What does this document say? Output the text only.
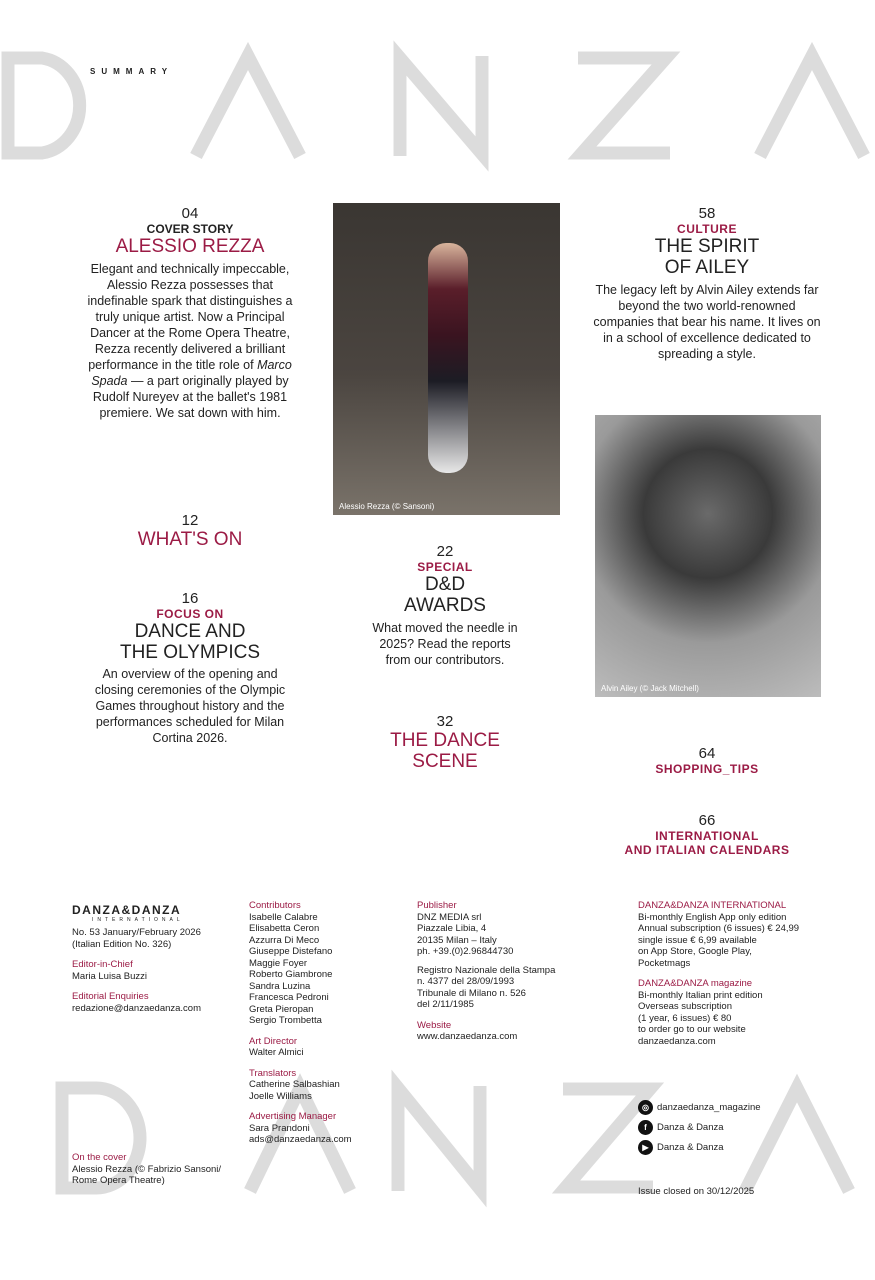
SUMMARY
04
COVER STORY
ALESSIO REZZA
Elegant and technically impeccable, Alessio Rezza possesses that indefinable spark that distinguishes a truly unique artist. Now a Principal Dancer at the Rome Opera Theatre, Rezza recently delivered a brilliant performance in the title role of Marco Spada — a part originally played by Rudolf Nureyev at the ballet's 1981 premiere. We sat down with him.
12
WHAT'S ON
16
FOCUS ON
DANCE AND
THE OLYMPICS
An overview of the opening and closing ceremonies of the Olympic Games throughout history and the performances scheduled for Milan Cortina 2026.
Alessio Rezza (© Sansoni)
22
SPECIAL
D&D
AWARDS
What moved the needle in 2025? Read the reports from our contributors.
32
THE DANCE
SCENE
58
CULTURE
THE SPIRIT
OF AILEY
The legacy left by Alvin Ailey extends far beyond the two world-renowned companies that bear his name. It lives on in a school of excellence dedicated to spreading a style.
Alvin Ailey (© Jack Mitchell)
64
SHOPPING_TIPS
66
INTERNATIONAL
AND ITALIAN CALENDARS
DANZA&DANZA
INTERNATIONAL
No. 53 January/February 2026
(Italian Edition No. 326)
Editor-in-Chief
Maria Luisa Buzzi
Editorial Enquiries
redazione@danzaedanza.com
On the cover
Alessio Rezza (© Fabrizio Sansoni/
Rome Opera Theatre)
Contributors
Isabelle Calabre
Elisabetta Ceron
Azzurra Di Meco
Giuseppe Distefano
Maggie Foyer
Roberto Giambrone
Sandra Luzina
Francesca Pedroni
Greta Pieropan
Sergio Trombetta
Art Director
Walter Almici
Translators
Catherine Salbashian
Joelle Williams
Advertising Manager
Sara Prandoni
ads@danzaedanza.com
Publisher
DNZ MEDIA srl
Piazzale Libia, 4
20135 Milan – Italy
ph. +39.(0)2.96844730
Registro Nazionale della Stampa
n. 4377 del 28/09/1993
Tribunale di Milano n. 526
del 2/11/1985
Website
www.danzaedanza.com
DANZA&DANZA INTERNATIONAL
Bi-monthly English App only edition
Annual subscription (6 issues) € 24,99
single issue € 6,99 available
on App Store, Google Play,
Pocketmags
DANZA&DANZA magazine
Bi-monthly Italian print edition
Overseas subscription
(1 year, 6 issues) € 80
to order go to our website
danzaedanza.com
◎ danzaedanza_magazine
f Danza & Danza
▶ Danza & Danza
Issue closed on 30/12/2025
